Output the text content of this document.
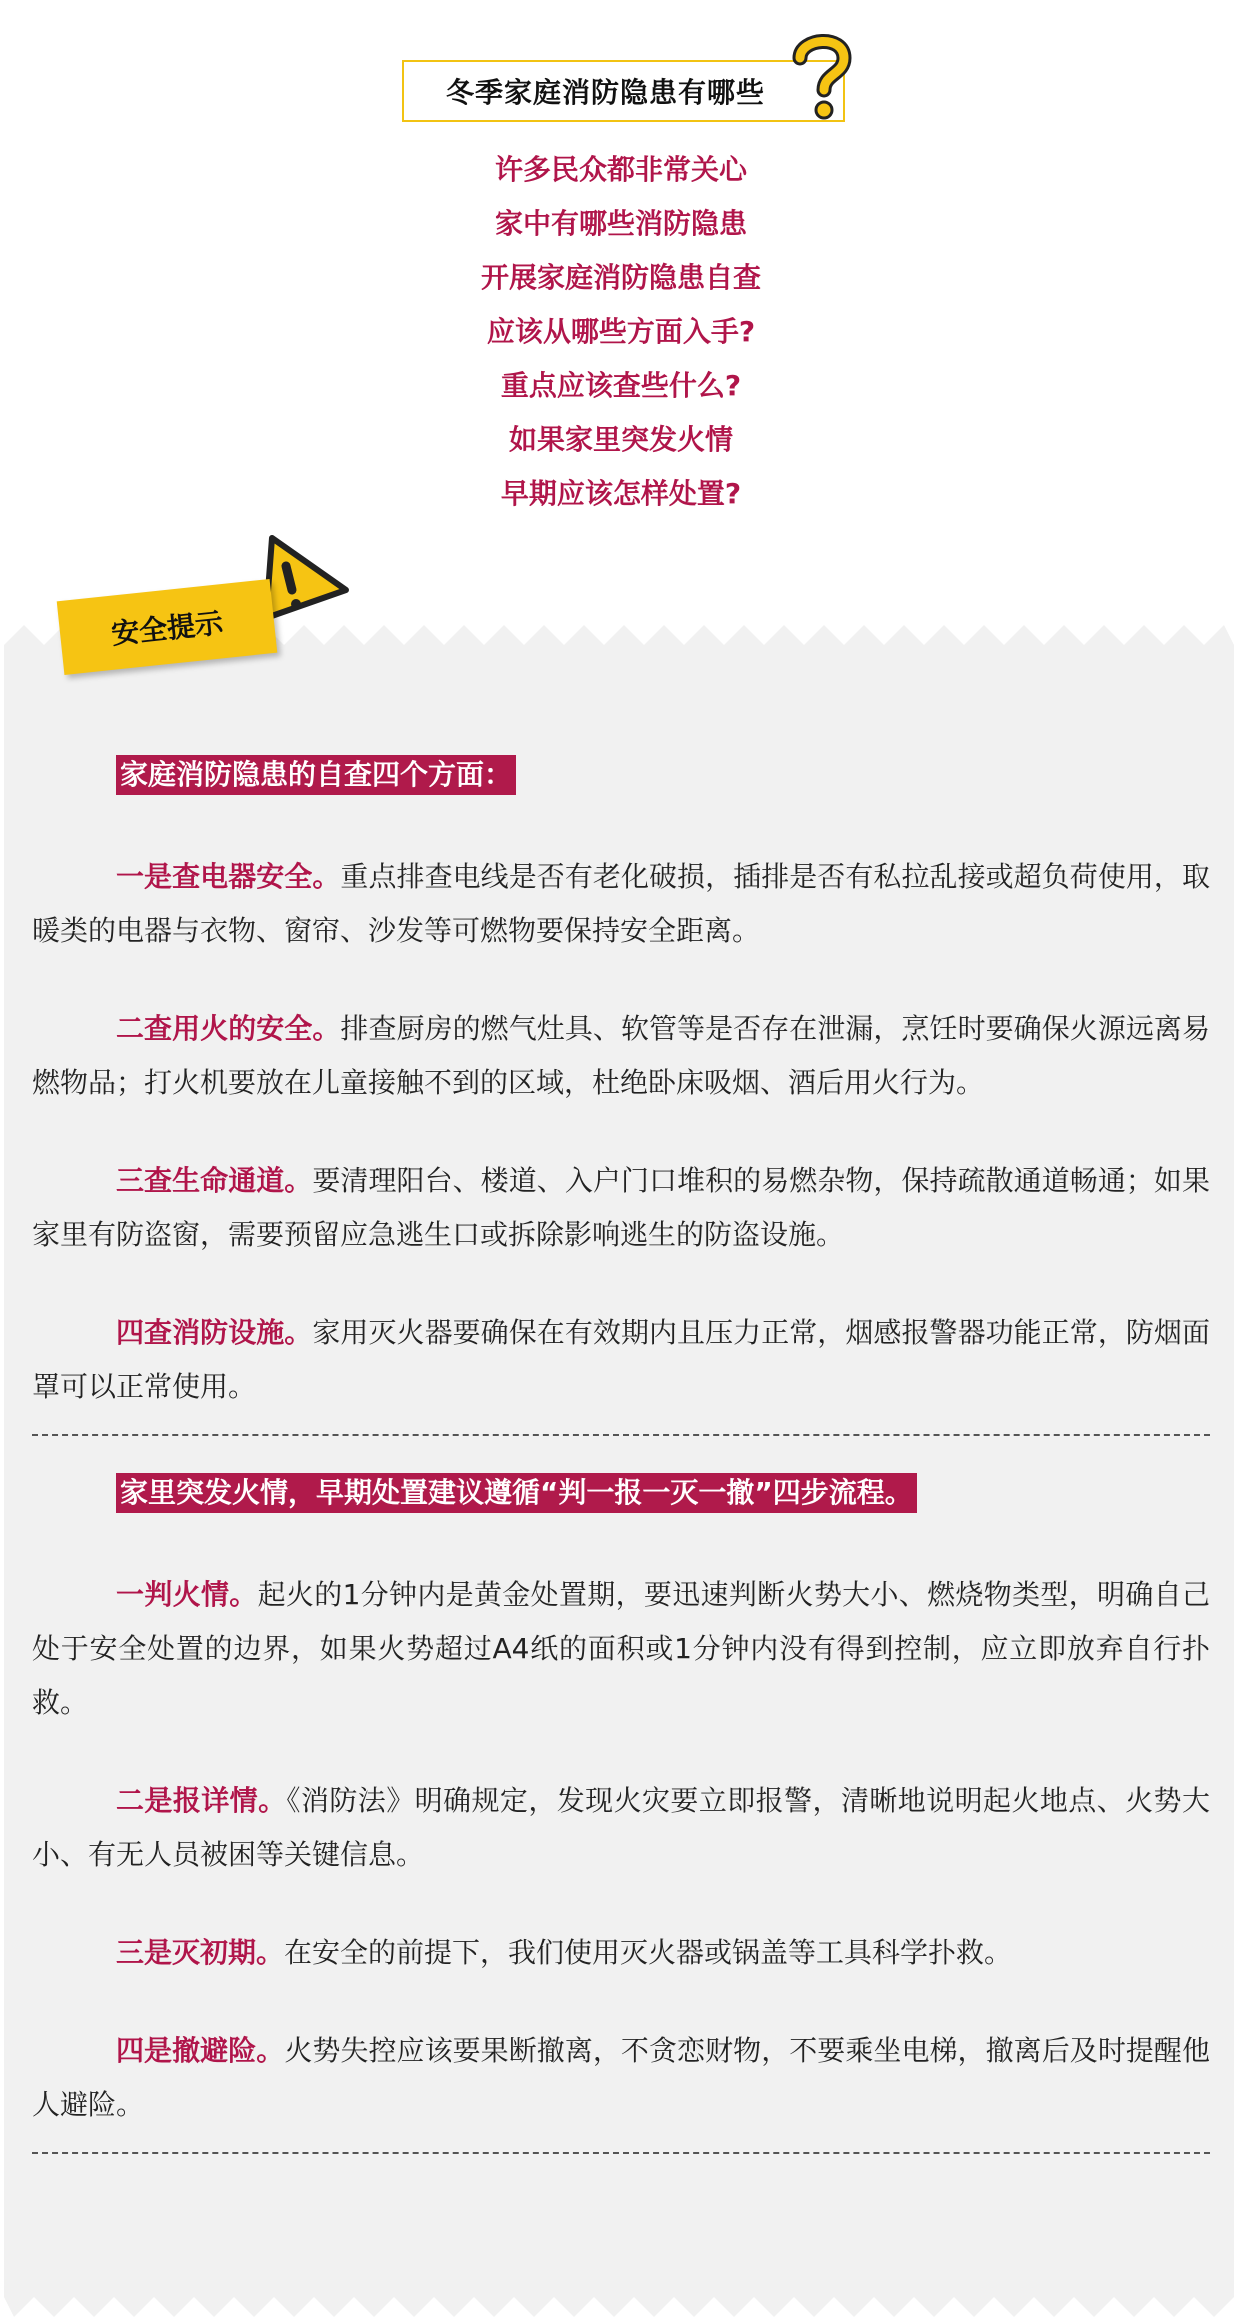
冬季家庭消防隐患有哪些
许多民众都非常关心
家中有哪些消防隐患
开展家庭消防隐患自查
应该从哪些方面入手?
重点应该查些什么?
如果家里突发火情
早期应该怎样处置?
安全提示
家庭消防隐患的自查四个方面：

一是查电器安全。重点排查电线是否有老化破损，插排是否有私拉乱接或超负荷使用，取暖类的电器与衣物、窗帘、沙发等可燃物要保持安全距离。

二查用火的安全。排查厨房的燃气灶具、软管等是否存在泄漏，烹饪时要确保火源远离易燃物品；打火机要放在儿童接触不到的区域，杜绝卧床吸烟、酒后用火行为。

三查生命通道。要清理阳台、楼道、入户门口堆积的易燃杂物，保持疏散通道畅通；如果家里有防盗窗，需要预留应急逃生口或拆除影响逃生的防盗设施。

四查消防设施。家用灭火器要确保在有效期内且压力正常，烟感报警器功能正常，防烟面罩可以正常使用。

家里突发火情，早期处置建议遵循“判一报一灭一撤”四步流程。

一判火情。起火的1分钟内是黄金处置期，要迅速判断火势大小、燃烧物类型，明确自己处于安全处置的边界，如果火势超过A4纸的面积或1分钟内没有得到控制，应立即放弃自行扑救。

二是报详情。《消防法》明确规定，发现火灾要立即报警，清晰地说明起火地点、火势大小、有无人员被困等关键信息。

三是灭初期。在安全的前提下，我们使用灭火器或锅盖等工具科学扑救。

四是撤避险。火势失控应该要果断撤离，不贪恋财物，不要乘坐电梯，撤离后及时提醒他人避险。
